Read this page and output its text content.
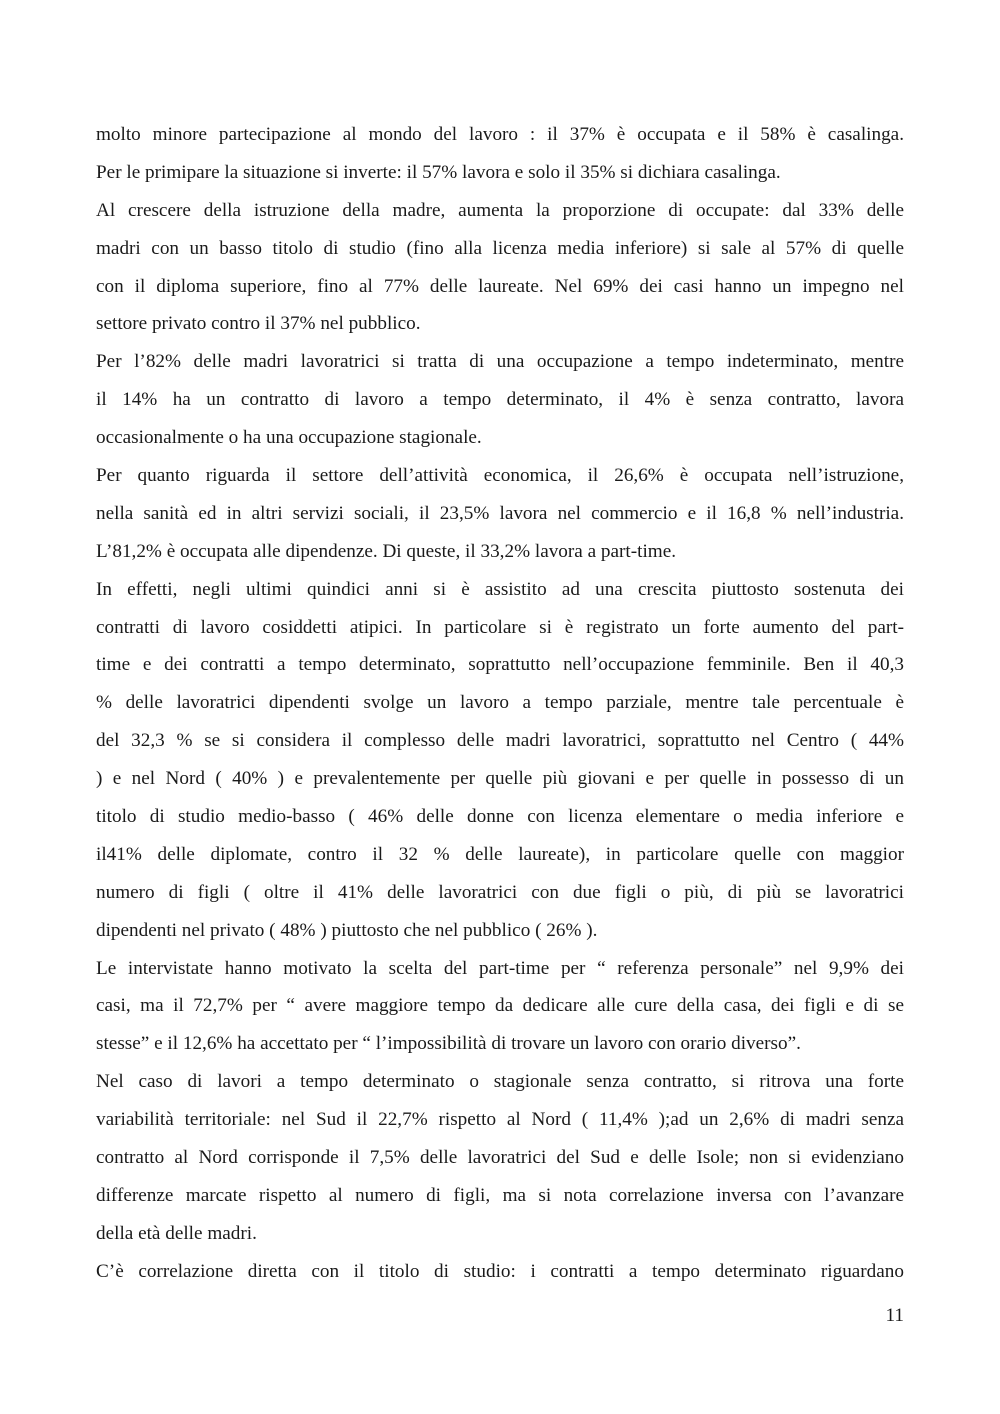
molto minore partecipazione al mondo del lavoro : il 37% è occupata e il 58% è casalinga.
Per le primipare la situazione si inverte: il 57% lavora e solo il 35% si dichiara casalinga.
Al crescere della istruzione della madre, aumenta la proporzione di occupate: dal 33% delle
madri con un basso titolo di studio (fino alla licenza media inferiore) si sale al 57% di quelle
con il diploma superiore, fino al 77% delle laureate. Nel 69% dei casi hanno un impegno nel
settore privato contro il 37% nel pubblico.
Per l’82% delle madri lavoratrici si tratta di una occupazione a tempo indeterminato, mentre
il 14% ha un contratto di lavoro a tempo determinato, il 4% è senza contratto, lavora
occasionalmente o ha una occupazione stagionale.
Per quanto riguarda il settore dell’attività economica, il 26,6% è occupata nell’istruzione,
nella sanità ed in altri servizi sociali, il 23,5% lavora nel commercio e il 16,8 % nell’industria.
L’81,2% è occupata alle dipendenze. Di queste, il 33,2% lavora a part-time.
In effetti, negli ultimi quindici anni si è assistito ad una crescita piuttosto sostenuta dei
contratti di lavoro cosiddetti atipici. In particolare si è registrato un forte aumento del part-
time e dei contratti a tempo determinato, soprattutto nell’occupazione femminile. Ben il 40,3
% delle lavoratrici dipendenti svolge un lavoro a tempo parziale, mentre tale percentuale è
del 32,3 % se si considera il complesso delle madri lavoratrici, soprattutto nel Centro ( 44%
) e nel Nord ( 40% ) e prevalentemente per quelle più giovani e per quelle in possesso di un
titolo di studio medio-basso ( 46% delle donne con licenza elementare o media inferiore e
il41% delle diplomate, contro il 32 % delle laureate), in particolare quelle con maggior
numero di figli ( oltre il 41% delle lavoratrici con due figli o più, di più se lavoratrici
dipendenti nel privato ( 48% ) piuttosto che nel pubblico ( 26% ).
Le intervistate hanno motivato la scelta del part-time per “ referenza personale” nel 9,9% dei
casi, ma il 72,7% per “ avere maggiore tempo da dedicare alle cure della casa, dei figli e di se
stesse” e il 12,6% ha accettato per “ l’impossibilità di trovare un lavoro con orario diverso”.
Nel caso di lavori a tempo determinato o stagionale senza contratto, si ritrova una forte
variabilità territoriale: nel Sud il 22,7% rispetto al Nord ( 11,4% );ad un 2,6% di madri senza
contratto al Nord corrisponde il 7,5% delle lavoratrici del Sud e delle Isole; non si evidenziano
differenze marcate rispetto al numero di figli, ma si nota correlazione inversa con l’avanzare
della età delle madri.
C’è correlazione diretta con il titolo di studio: i contratti a tempo determinato riguardano
11
